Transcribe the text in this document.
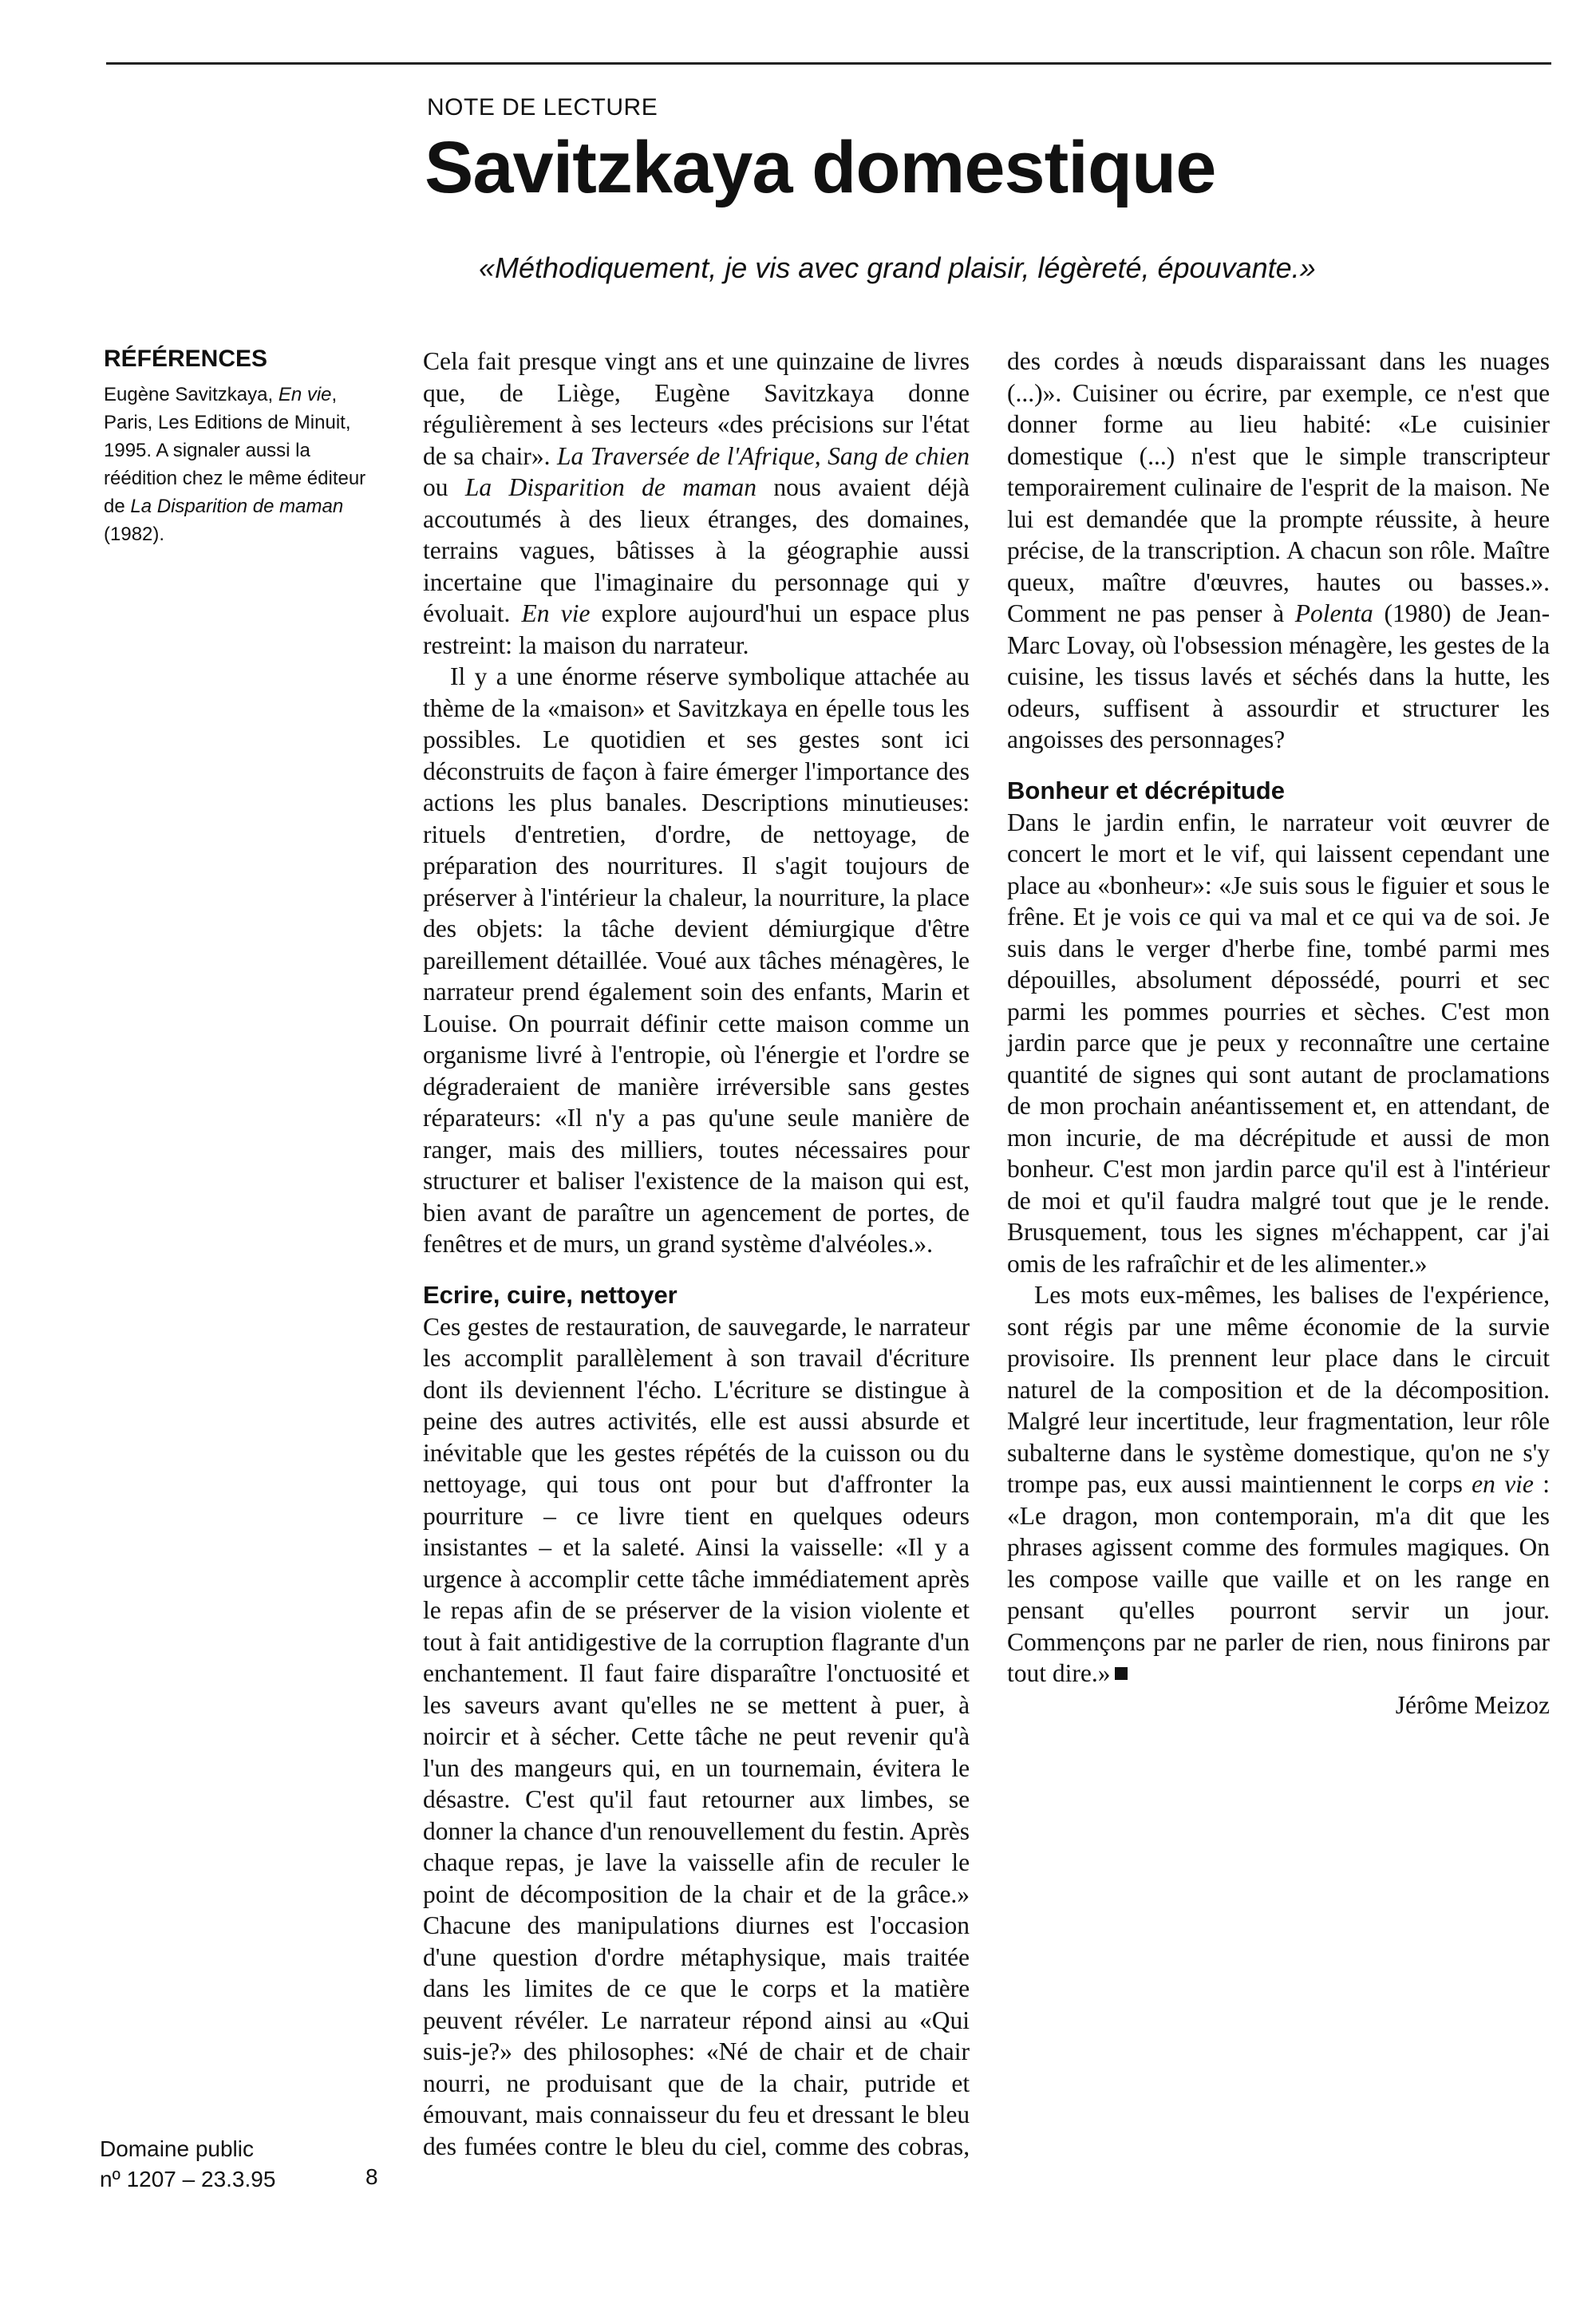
NOTE DE LECTURE
Savitzkaya domestique
«Méthodiquement, je vis avec grand plaisir, légèreté, épouvante.»
RÉFÉRENCES
Eugène Savitzkaya, En vie, Paris, Les Editions de Minuit, 1995. A signaler aussi la réédition chez le même éditeur de La Disparition de maman (1982).

Cela fait presque vingt ans et une quinzaine de livres que, de Liège, Eugène Savitzkaya donne régulièrement à ses lecteurs «des précisions sur l'état de sa chair». La Traversée de l'Afrique, Sang de chien ou La Disparition de maman nous avaient déjà accoutumés à des lieux étranges, des domaines, terrains vagues, bâtisses à la géographie aussi incertaine que l'imaginaire du personnage qui y évoluait. En vie explore aujourd'hui un espace plus restreint: la maison du narrateur.

Il y a une énorme réserve symbolique attachée au thème de la «maison» et Savitzkaya en épelle tous les possibles. Le quotidien et ses gestes sont ici déconstruits de façon à faire émerger l'importance des actions les plus banales. Descriptions minutieuses: rituels d'entretien, d'ordre, de nettoyage, de préparation des nourritures. Il s'agit toujours de préserver à l'intérieur la chaleur, la nourriture, la place des objets: la tâche devient démiurgique d'être pareillement détaillée. Voué aux tâches ménagères, le narrateur prend également soin des enfants, Marin et Louise. On pourrait définir cette maison comme un organisme livré à l'entropie, où l'énergie et l'ordre se dégraderaient de manière irréversible sans gestes réparateurs: «Il n'y a pas qu'une seule manière de ranger, mais des milliers, toutes nécessaires pour structurer et baliser l'existence de la maison qui est, bien avant de paraître un agencement de portes, de fenêtres et de murs, un grand système d'alvéoles.».

Ecrire, cuire, nettoyer

Ces gestes de restauration, de sauvegarde, le narrateur les accomplit parallèlement à son travail d'écriture dont ils deviennent l'écho. L'écriture se distingue à peine des autres activités, elle est aussi absurde et inévitable que les gestes répétés de la cuisson ou du nettoyage, qui tous ont pour but d'affronter la pourriture – ce livre tient en quelques odeurs insistantes – et la saleté. Ainsi la vaisselle: «Il y a urgence à accomplir cette tâche immédiatement après le repas afin de se préserver de la vision violente et tout à fait antidigestive de la corruption flagrante d'un enchantement. Il faut faire disparaître l'onctuosité et les saveurs avant qu'elles ne se mettent à puer, à noircir et à sécher. Cette tâche ne peut revenir qu'à l'un des mangeurs qui, en un tournemain, évitera le désastre. C'est qu'il faut retourner aux limbes, se donner la chance d'un renouvellement du festin. Après chaque repas, je lave la vaisselle afin de reculer le point de décomposition de la chair et de la grâce.» Chacune des manipulations diurnes est l'occasion d'une question d'ordre métaphysique, mais traitée dans les limites de ce que le corps et la matière peuvent révéler. Le narrateur répond ainsi au «Qui suis-je?» des philosophes: «Né de chair et de chair nourri, ne produisant que de la chair, putride et émouvant, mais connaisseur du feu et dressant le bleu des fumées contre le bleu du ciel, comme des cobras,

des cordes à nœuds disparaissant dans les nuages (...)». Cuisiner ou écrire, par exemple, ce n'est que donner forme au lieu habité: «Le cuisinier domestique (...) n'est que le simple transcripteur temporairement culinaire de l'esprit de la maison. Ne lui est demandée que la prompte réussite, à heure précise, de la transcription. A chacun son rôle. Maître queux, maître d'œuvres, hautes ou basses.». Comment ne pas penser à Polenta (1980) de Jean-Marc Lovay, où l'obsession ménagère, les gestes de la cuisine, les tissus lavés et séchés dans la hutte, les odeurs, suffisent à assourdir et structurer les angoisses des personnages?

Bonheur et décrépitude

Dans le jardin enfin, le narrateur voit œuvrer de concert le mort et le vif, qui laissent cependant une place au «bonheur»: «Je suis sous le figuier et sous le frêne. Et je vois ce qui va mal et ce qui va de soi. Je suis dans le verger d'herbe fine, tombé parmi mes dépouilles, absolument dépossédé, pourri et sec parmi les pommes pourries et sèches. C'est mon jardin parce que je peux y reconnaître une certaine quantité de signes qui sont autant de proclamations de mon prochain anéantissement et, en attendant, de mon incurie, de ma décrépitude et aussi de mon bonheur. C'est mon jardin parce qu'il est à l'intérieur de moi et qu'il faudra malgré tout que je le rende. Brusquement, tous les signes m'échappent, car j'ai omis de les rafraîchir et de les alimenter.»

Les mots eux-mêmes, les balises de l'expérience, sont régis par une même économie de la survie provisoire. Ils prennent leur place dans le circuit naturel de la composition et de la décomposition. Malgré leur incertitude, leur fragmentation, leur rôle subalterne dans le système domestique, qu'on ne s'y trompe pas, eux aussi maintiennent le corps en vie : «Le dragon, mon contemporain, m'a dit que les phrases agissent comme des formules magiques. On les compose vaille que vaille et on les range en pensant qu'elles pourront servir un jour. Commençons par ne parler de rien, nous finirons par tout dire.»

Jérôme Meizoz

Domaine public
nº 1207 – 23.3.95	8
